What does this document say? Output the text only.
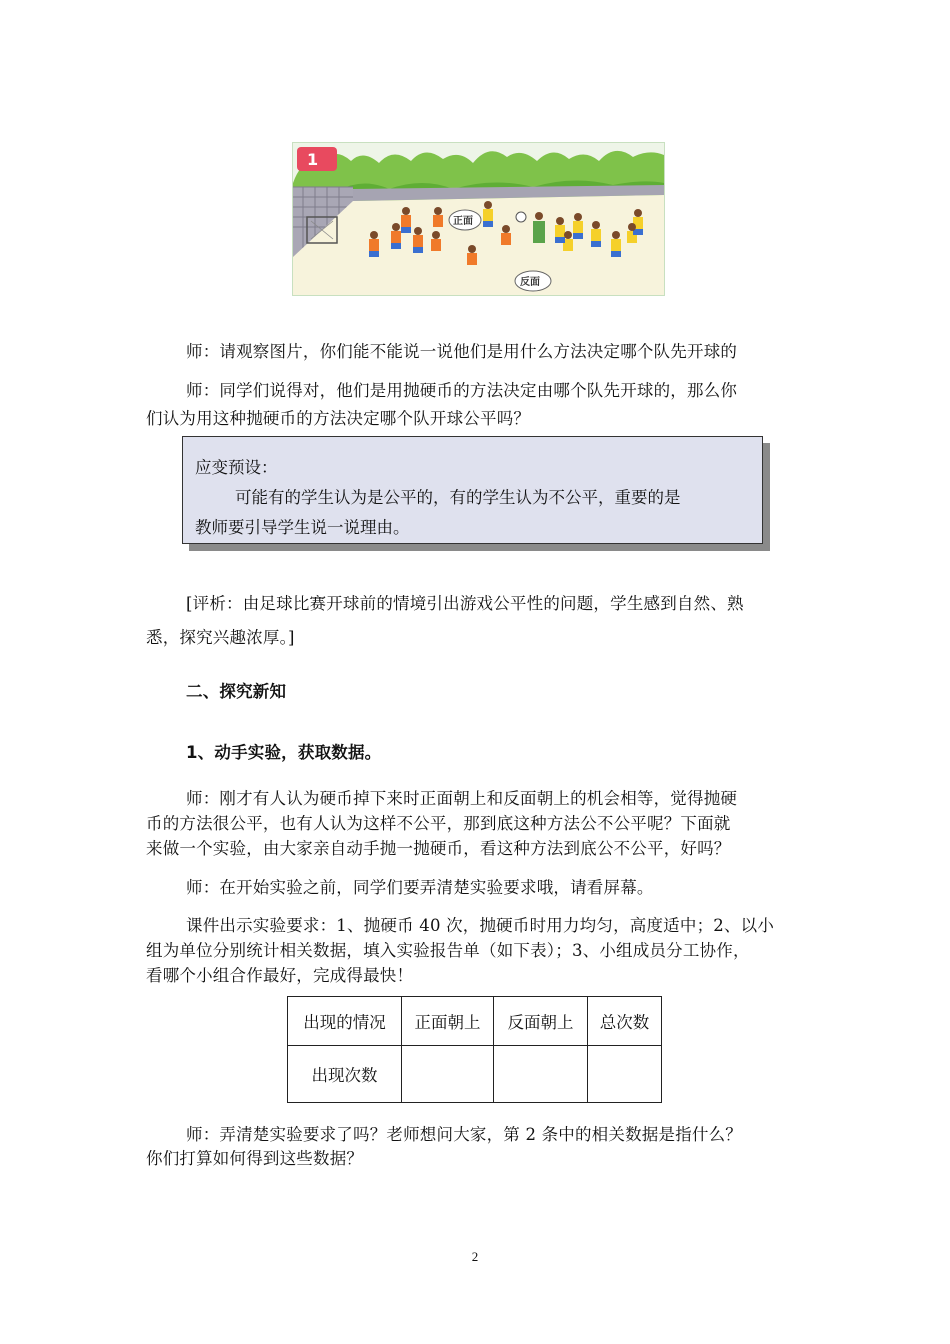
1
正面
反面

师：请观察图片，你们能不能说一说他们是用什么方法决定哪个队先开球的

师：同学们说得对，他们是用抛硬币的方法决定由哪个队先开球的，那么你

们认为用这种抛硬币的方法决定哪个队开球公平吗？

应变预设：

可能有的学生认为是公平的，有的学生认为不公平，重要的是

教师要引导学生说一说理由。

[评析：由足球比赛开球前的情境引出游戏公平性的问题，学生感到自然、熟

悉，探究兴趣浓厚。]

二、探究新知

1、动手实验，获取数据。

师：刚才有人认为硬币掉下来时正面朝上和反面朝上的机会相等，觉得抛硬

币的方法很公平，也有人认为这样不公平，那到底这种方法公不公平呢？下面就

来做一个实验，由大家亲自动手抛一抛硬币，看这种方法到底公不公平，好吗？

师：在开始实验之前，同学们要弄清楚实验要求哦，请看屏幕。

课件出示实验要求：1、抛硬币 40 次，抛硬币时用力均匀，高度适中；2、以小

组为单位分别统计相关数据，填入实验报告单（如下表）；3、小组成员分工协作，

看哪个小组合作最好，完成得最快！

出现的情况	正面朝上	反面朝上	总次数
出现次数			

师：弄清楚实验要求了吗？老师想问大家，第 2 条中的相关数据是指什么？

你们打算如何得到这些数据？

2
